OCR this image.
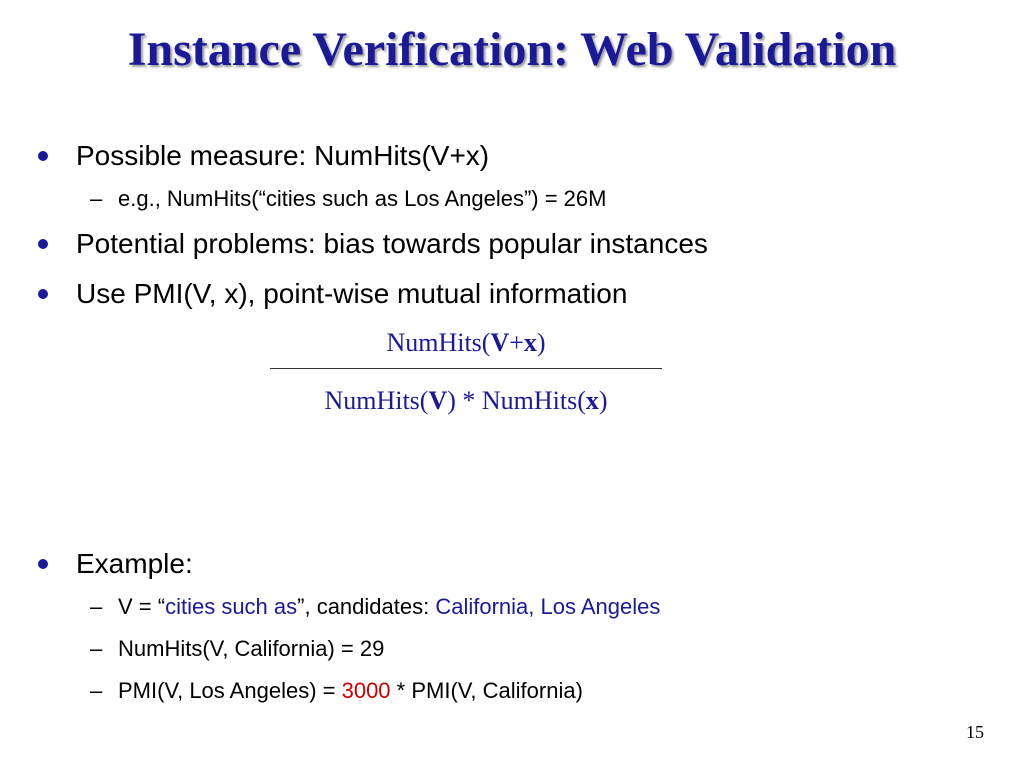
Instance Verification: Web Validation
Possible measure: NumHits(V+x)
– e.g., NumHits(“cities such as Los Angeles”) = 26M
Potential problems: bias towards popular instances
Use PMI(V, x), point-wise mutual information
NumHits(V+x)
NumHits(V) * NumHits(x)
Example:
– V = “cities such as”, candidates: California, Los Angeles
– NumHits(V, California) = 29
– PMI(V, Los Angeles) = 3000 * PMI(V, California)
15
